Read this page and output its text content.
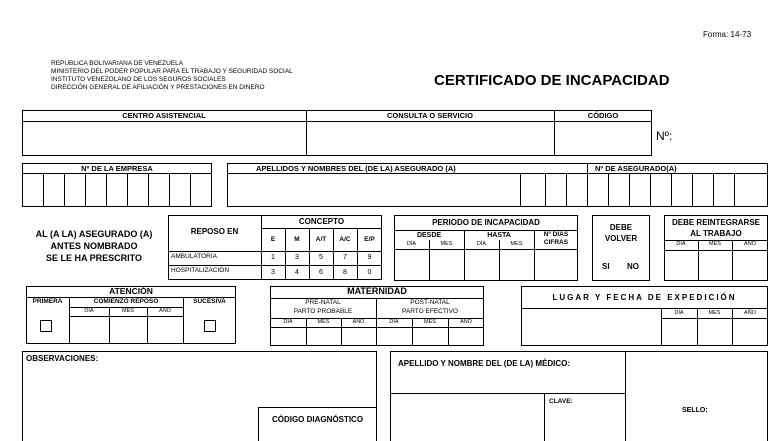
Forma: 14-73
REPUBLICA BOLIVARIANA DE VENEZUELA
MINISTERIO DEL PODER POPULAR PARA EL TRABAJO Y SEGURIDAD SOCIAL
INSTITUTO VENEZOLANO DE LOS SEGUROS SOCIALES
DIRECCIÓN GENERAL DE AFILIACIÓN Y PRESTACIONES EN DINERO	CERTIFICADO DE INCAPACIDAD
CENTRO ASISTENCIAL	CONSULTA O SERVICIO	CÓDIGO
Nº:
Nº DE LA EMPRESA	APELLIDOS Y NOMBRES DEL (DE LA) ASEGURADO (A)	Nº DE ASEGURADO(A)
AL (A LA) ASEGURADO (A)
ANTES NOMBRADO
SE LE HA PRESCRITO
REPOSO EN
CONCEPTO
E	M	A/T	A/C	E/P
AMBULATORIA	1	3	5	7	9
HOSPITALIZACIÓN	3	4	6	8	0
PERIODO DE INCAPACIDAD
DESDE	HASTA
DÍA	MES	DÍA	MES
Nº DIAS
CIFRAS
DEBE
VOLVER
SI NO
DEBE REINTEGRARSE
AL TRABAJO
DÍA	MES	AÑO
ATENCIÓN
PRIMERA	COMIENZO REPOSO	SUCESIVA
DÍA	MES	AÑO
MATERNIDAD
PRE-NATAL
PARTO PROBABLE
POST-NATAL
PARTO EFECTIVO
DÍA	MES	AÑO	DÍA	MES	AÑO
LUGAR Y FECHA DE EXPEDICIÓN
DÍA	MES	AÑO
OBSERVACIONES:
CÓDIGO DIAGNÓSTICO
APELLIDO Y NOMBRE DEL (DE LA) MÉDICO:
CLAVE:
SELLO:
